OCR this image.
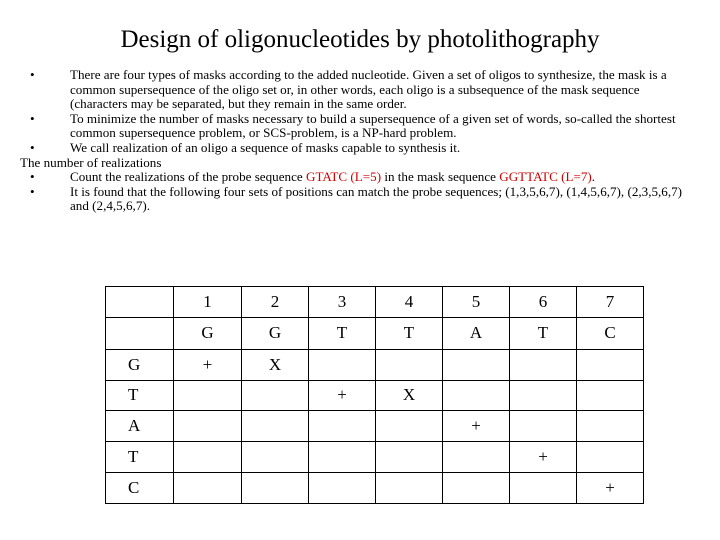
Design of oligonucleotides by photolithography
•	There are four types of masks according to the added nucleotide. Given a set of oligos to synthesize, the mask is a common supersequence of the oligo set or, in other words, each oligo is a subsequence of the mask sequence (characters may be separated, but they remain in the same order.
•	To minimize the number of masks necessary to build a supersequence of a given set of words, so-called the shortest common supersequence problem, or SCS-problem, is a NP-hard problem.
•	We call realization of an oligo a sequence of masks capable to synthesis it.
The number of realizations
•	Count the realizations of the probe sequence GTATC (L=5) in the mask sequence GGTTATC (L=7).
•	It is found that the following four sets of positions can match the probe sequences; (1,3,5,6,7), (1,4,5,6,7), (2,3,5,6,7) and (2,4,5,6,7).
	1	2	3	4	5	6	7
	G	G	T	T	A	T	C
G	+	X					
T			+	X			
A					+		
T						+	
C							+
